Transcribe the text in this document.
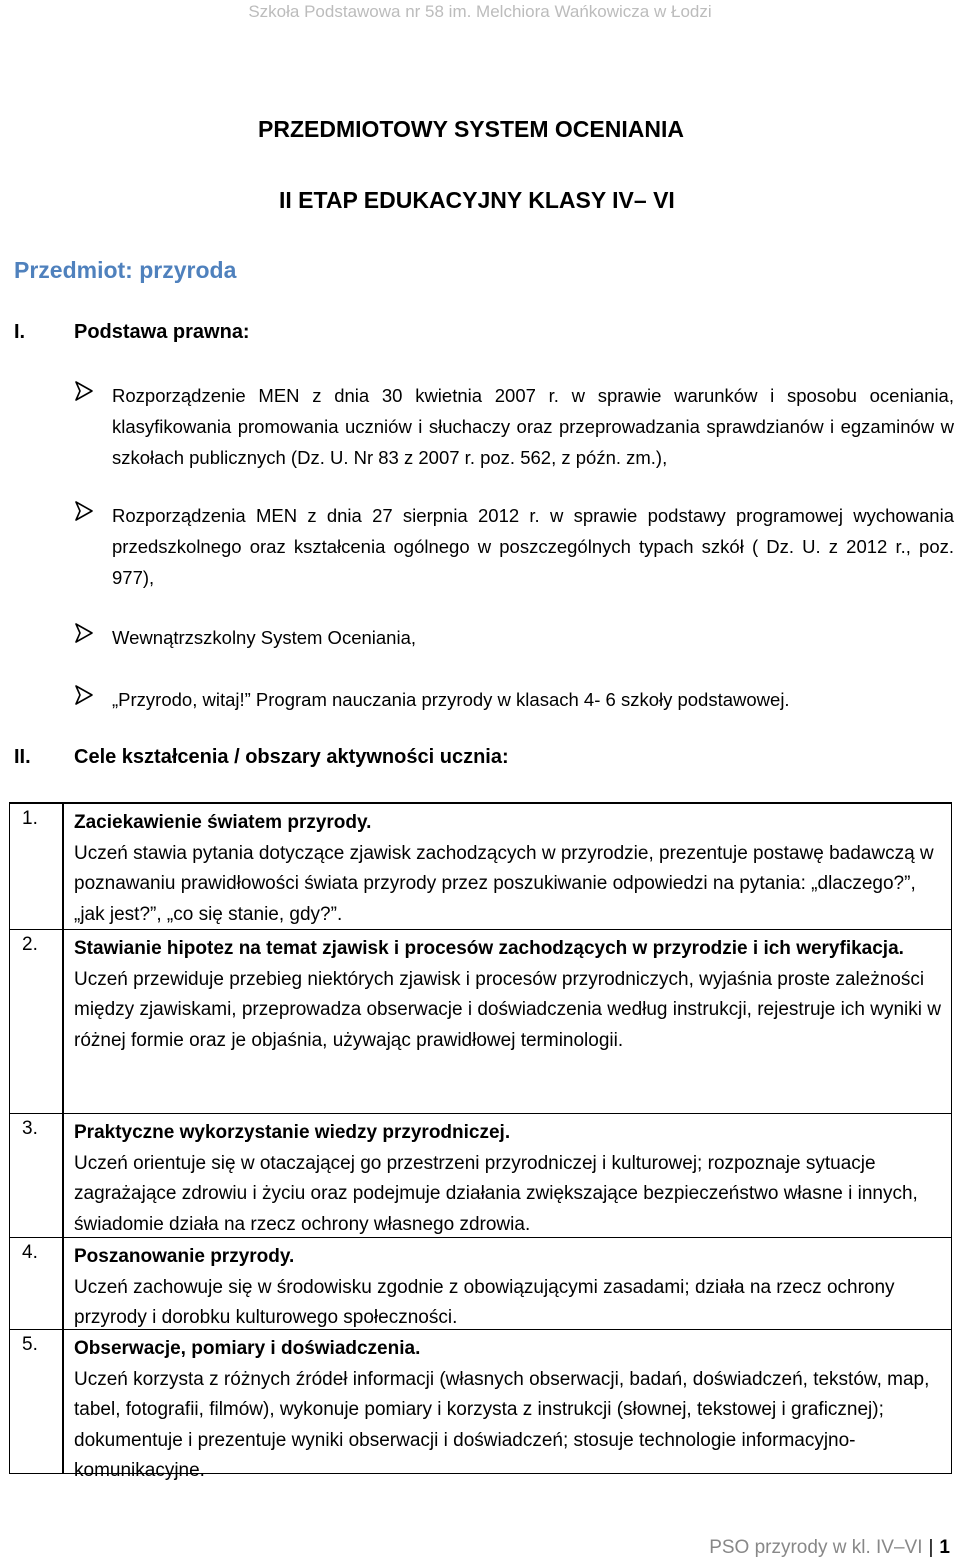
Szkoła Podstawowa nr 58 im. Melchiora Wańkowicza w Łodzi
PRZEDMIOTOWY SYSTEM OCENIANIA
II ETAP EDUKACYJNY KLASY IV– VI
Przedmiot: przyroda
I. Podstawa prawna:
Rozporządzenie MEN z dnia 30 kwietnia 2007 r. w sprawie warunków i sposobu oceniania, klasyfikowania promowania uczniów i słuchaczy oraz przeprowadzania sprawdzianów i egzaminów w szkołach publicznych (Dz. U. Nr 83 z 2007 r. poz. 562, z późn. zm.),
Rozporządzenia MEN z dnia 27 sierpnia 2012 r. w sprawie podstawy programowej wychowania przedszkolnego oraz kształcenia ogólnego w poszczególnych typach szkół ( Dz. U. z 2012 r., poz. 977),
Wewnątrzszkolny System Oceniania,
„Przyrodo, witaj!” Program nauczania przyrody w klasach 4- 6 szkoły podstawowej.
II. Cele kształcenia / obszary aktywności ucznia:
1. Zaciekawienie światem przyrody.
Uczeń stawia pytania dotyczące zjawisk zachodzących w przyrodzie, prezentuje postawę badawczą w poznawaniu prawidłowości świata przyrody przez poszukiwanie odpowiedzi na pytania: „dlaczego?”, „jak jest?”, „co się stanie, gdy?”.
2. Stawianie hipotez na temat zjawisk i procesów zachodzących w przyrodzie i ich weryfikacja.
Uczeń przewiduje przebieg niektórych zjawisk i procesów przyrodniczych, wyjaśnia proste zależności między zjawiskami, przeprowadza obserwacje i doświadczenia według instrukcji, rejestruje ich wyniki w różnej formie oraz je objaśnia, używając prawidłowej terminologii.
3. Praktyczne wykorzystanie wiedzy przyrodniczej.
Uczeń orientuje się w otaczającej go przestrzeni przyrodniczej i kulturowej; rozpoznaje sytuacje zagrażające zdrowiu i życiu oraz podejmuje działania zwiększające bezpieczeństwo własne i innych, świadomie działa na rzecz ochrony własnego zdrowia.
4. Poszanowanie przyrody.
Uczeń zachowuje się w środowisku zgodnie z obowiązującymi zasadami; działa na rzecz ochrony przyrody i dorobku kulturowego społeczności.
5. Obserwacje, pomiary i doświadczenia.
Uczeń korzysta z różnych źródeł informacji (własnych obserwacji, badań, doświadczeń, tekstów, map, tabel, fotografii, filmów), wykonuje pomiary i korzysta z instrukcji (słownej, tekstowej i graficznej); dokumentuje i prezentuje wyniki obserwacji i doświadczeń; stosuje technologie informacyjno- komunikacyjne.
PSO przyrody w kl. IV–VI | 1
